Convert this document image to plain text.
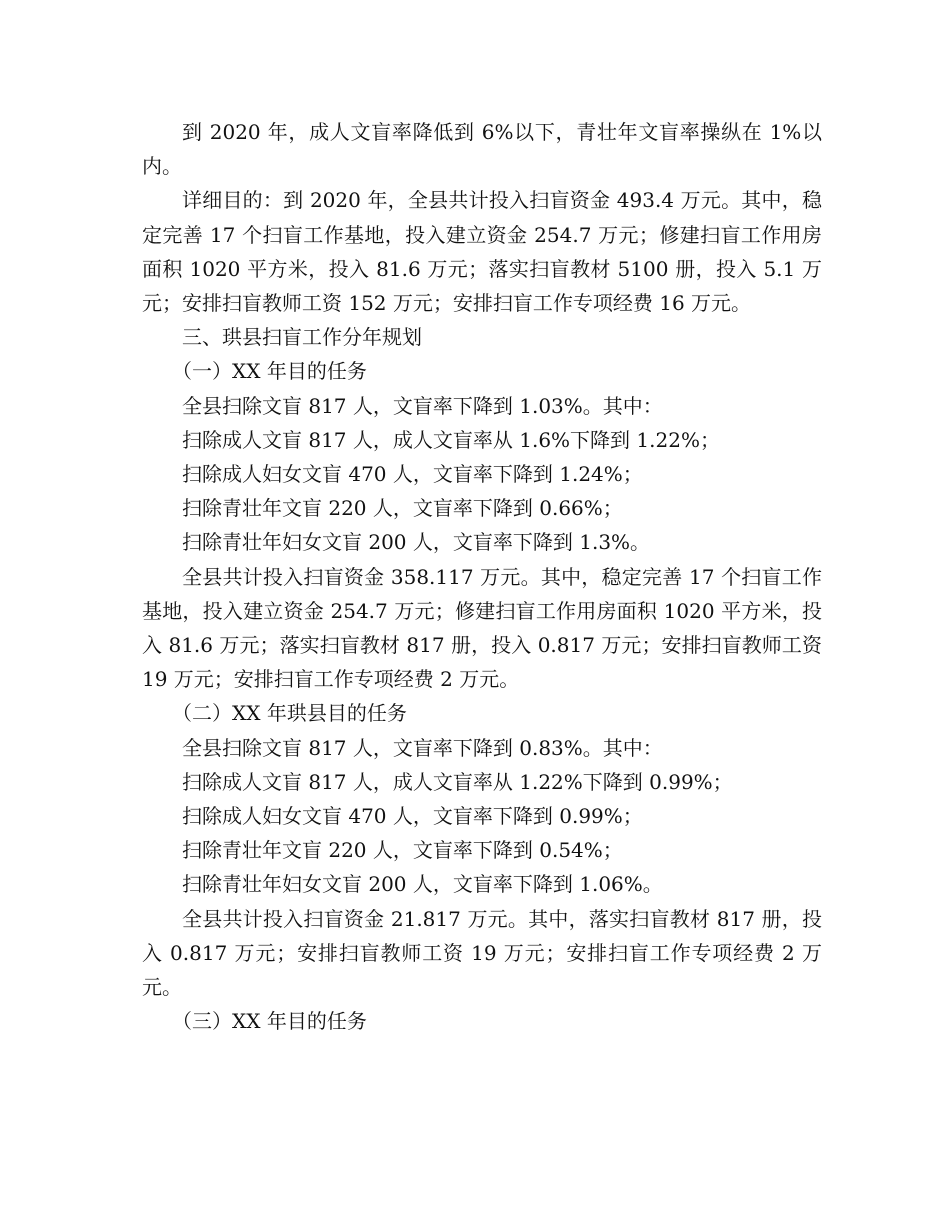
到 2020 年，成人文盲率降低到 6%以下，青壮年文盲率操纵在 1%以内。

详细目的：到 2020 年，全县共计投入扫盲资金 493.4 万元。其中，稳定完善 17 个扫盲工作基地，投入建立资金 254.7 万元；修建扫盲工作用房面积 1020 平方米，投入 81.6 万元；落实扫盲教材 5100 册，投入 5.1 万元；安排扫盲教师工资 152 万元；安排扫盲工作专项经费 16 万元。

三、珙县扫盲工作分年规划

（一）XX 年目的任务

全县扫除文盲 817 人，文盲率下降到 1.03%。其中：

扫除成人文盲 817 人，成人文盲率从 1.6%下降到 1.22%；

扫除成人妇女文盲 470 人，文盲率下降到 1.24%；

扫除青壮年文盲 220 人，文盲率下降到 0.66%；

扫除青壮年妇女文盲 200 人，文盲率下降到 1.3%。

全县共计投入扫盲资金 358.117 万元。其中，稳定完善 17 个扫盲工作基地，投入建立资金 254.7 万元；修建扫盲工作用房面积 1020 平方米，投入 81.6 万元；落实扫盲教材 817 册，投入 0.817 万元；安排扫盲教师工资 19 万元；安排扫盲工作专项经费 2 万元。

（二）XX 年珙县目的任务

全县扫除文盲 817 人，文盲率下降到 0.83%。其中：

扫除成人文盲 817 人，成人文盲率从 1.22%下降到 0.99%；

扫除成人妇女文盲 470 人，文盲率下降到 0.99%；

扫除青壮年文盲 220 人，文盲率下降到 0.54%；

扫除青壮年妇女文盲 200 人，文盲率下降到 1.06%。

全县共计投入扫盲资金 21.817 万元。其中，落实扫盲教材 817 册，投入 0.817 万元；安排扫盲教师工资 19 万元；安排扫盲工作专项经费 2 万元。

（三）XX 年目的任务
